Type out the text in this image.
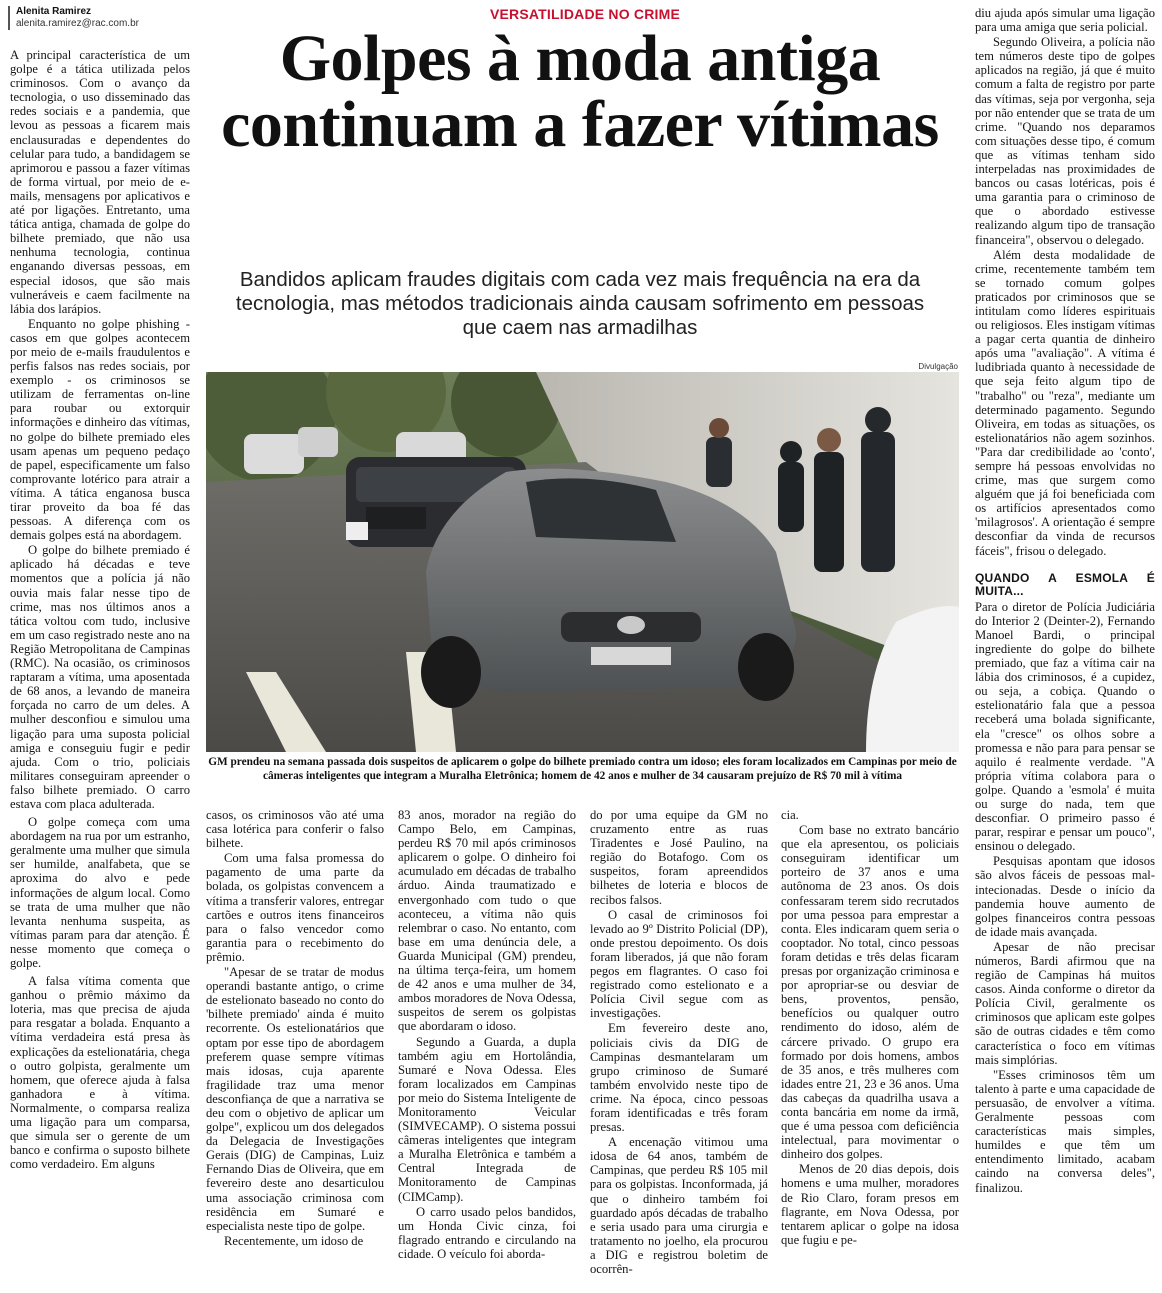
Alenita Ramirez
alenita.ramirez@rac.com.br
VERSATILIDADE NO CRIME
Golpes à moda antiga continuam a fazer vítimas
Bandidos aplicam fraudes digitais com cada vez mais frequência na era da tecnologia, mas métodos tradicionais ainda causam sofrimento em pessoas que caem nas armadilhas
Divulgação
GM prendeu na semana passada dois suspeitos de aplicarem o golpe do bilhete premiado contra um idoso; eles foram localizados em Campinas por meio de câmeras inteligentes que integram a Muralha Eletrônica; homem de 42 anos e mulher de 34 causaram prejuízo de R$ 70 mil à vítima

A principal característica de um golpe é a tática utilizada pelos criminosos. Com o avanço da tecnologia, o uso disseminado das redes sociais e a pandemia, que levou as pessoas a ficarem mais enclausuradas e dependentes do celular para tudo, a bandidagem se aprimorou e passou a fazer vítimas de forma virtual, por meio de e-mails, mensagens por aplicativos e até por ligações. Entretanto, uma tática antiga, chamada de golpe do bilhete premiado, que não usa nenhuma tecnologia, continua enganando diversas pessoas, em especial idosos, que são mais vulneráveis e caem facilmente na lábia dos larápios.

Enquanto no golpe phishing - casos em que golpes acontecem por meio de e-mails fraudulentos e perfis falsos nas redes sociais, por exemplo - os criminosos se utilizam de ferramentas on-line para roubar ou extorquir informações e dinheiro das vítimas, no golpe do bilhete premiado eles usam apenas um pequeno pedaço de papel, especificamente um falso comprovante lotérico para atrair a vítima. A tática enganosa busca tirar proveito da boa fé das pessoas. A diferença com os demais golpes está na abordagem.

O golpe do bilhete premiado é aplicado há décadas e teve momentos que a polícia já não ouvia mais falar nesse tipo de crime, mas nos últimos anos a tática voltou com tudo, inclusive em um caso registrado neste ano na Região Metropolitana de Campinas (RMC). Na ocasião, os criminosos raptaram a vítima, uma aposentada de 68 anos, a levando de maneira forçada no carro de um deles. A mulher desconfiou e simulou uma ligação para uma suposta policial amiga e conseguiu fugir e pedir ajuda. Com o trio, policiais militares conseguiram apreender o falso bilhete premiado. O carro estava com placa adulterada.

O golpe começa com uma abordagem na rua por um estranho, geralmente uma mulher que simula ser humilde, analfabeta, que se aproxima do alvo e pede informações de algum local. Como se trata de uma mulher que não levanta nenhuma suspeita, as vítimas param para dar atenção. É nesse momento que começa o golpe.

A falsa vítima comenta que ganhou o prêmio máximo da loteria, mas que precisa de ajuda para resgatar a bolada. Enquanto a vítima verdadeira está presa às explicações da estelionatária, chega o outro golpista, geralmente um homem, que oferece ajuda à falsa ganhadora e à vítima. Normalmente, o comparsa realiza uma ligação para um comparsa, que simula ser o gerente de um banco e confirma o suposto bilhete como verdadeiro. Em alguns

casos, os criminosos vão até uma casa lotérica para conferir o falso bilhete.

Com uma falsa promessa do pagamento de uma parte da bolada, os golpistas convencem a vítima a transferir valores, entregar cartões e outros itens financeiros para o falso vencedor como garantia para o recebimento do prêmio.

"Apesar de se tratar de modus operandi bastante antigo, o crime de estelionato baseado no conto do 'bilhete premiado' ainda é muito recorrente. Os estelionatários que optam por esse tipo de abordagem preferem quase sempre vítimas mais idosas, cuja aparente fragilidade traz uma menor desconfiança de que a narrativa se deu com o objetivo de aplicar um golpe", explicou um dos delegados da Delegacia de Investigações Gerais (DIG) de Campinas, Luiz Fernando Dias de Oliveira, que em fevereiro deste ano desarticulou uma associação criminosa com residência em Sumaré e especialista neste tipo de golpe.

Recentemente, um idoso de

83 anos, morador na região do Campo Belo, em Campinas, perdeu R$ 70 mil após criminosos aplicarem o golpe. O dinheiro foi acumulado em décadas de trabalho árduo. Ainda traumatizado e envergonhado com tudo o que aconteceu, a vítima não quis relembrar o caso. No entanto, com base em uma denúncia dele, a Guarda Municipal (GM) prendeu, na última terça-feira, um homem de 42 anos e uma mulher de 34, ambos moradores de Nova Odessa, suspeitos de serem os golpistas que abordaram o idoso.

Segundo a Guarda, a dupla também agiu em Hortolândia, Sumaré e Nova Odessa. Eles foram localizados em Campinas por meio do Sistema Inteligente de Monitoramento Veicular (SIMVECAMP). O sistema possui câmeras inteligentes que integram a Muralha Eletrônica e também a Central Integrada de Monitoramento de Campinas (CIMCamp).

O carro usado pelos bandidos, um Honda Civic cinza, foi flagrado entrando e circulando na cidade. O veículo foi aborda-

do por uma equipe da GM no cruzamento entre as ruas Tiradentes e José Paulino, na região do Botafogo. Com os suspeitos, foram apreendidos bilhetes de loteria e blocos de recibos falsos.

O casal de criminosos foi levado ao 9º Distrito Policial (DP), onde prestou depoimento. Os dois foram liberados, já que não foram pegos em flagrantes. O caso foi registrado como estelionato e a Polícia Civil segue com as investigações.

Em fevereiro deste ano, policiais civis da DIG de Campinas desmantelaram um grupo criminoso de Sumaré também envolvido neste tipo de crime. Na época, cinco pessoas foram identificadas e três foram presas.

A encenação vitimou uma idosa de 64 anos, também de Campinas, que perdeu R$ 105 mil para os golpistas. Inconformada, já que o dinheiro também foi guardado após décadas de trabalho e seria usado para uma cirurgia e tratamento no joelho, ela procurou a DIG e registrou boletim de ocorrên-

cia.

Com base no extrato bancário que ela apresentou, os policiais conseguiram identificar um porteiro de 37 anos e uma autônoma de 23 anos. Os dois confessaram terem sido recrutados por uma pessoa para emprestar a conta. Eles indicaram quem seria o cooptador. No total, cinco pessoas foram detidas e três delas ficaram presas por organização criminosa e por apropriar-se ou desviar de bens, proventos, pensão, benefícios ou qualquer outro rendimento do idoso, além de cárcere privado. O grupo era formado por dois homens, ambos de 35 anos, e três mulheres com idades entre 21, 23 e 36 anos. Uma das cabeças da quadrilha usava a conta bancária em nome da irmã, que é uma pessoa com deficiência intelectual, para movimentar o dinheiro dos golpes.

Menos de 20 dias depois, dois homens e uma mulher, moradores de Rio Claro, foram presos em flagrante, em Nova Odessa, por tentarem aplicar o golpe na idosa que fugiu e pe-

diu ajuda após simular uma ligação para uma amiga que seria policial.

Segundo Oliveira, a polícia não tem números deste tipo de golpes aplicados na região, já que é muito comum a falta de registro por parte das vítimas, seja por vergonha, seja por não entender que se trata de um crime. "Quando nos deparamos com situações desse tipo, é comum que as vítimas tenham sido interpeladas nas proximidades de bancos ou casas lotéricas, pois é uma garantia para o criminoso de que o abordado estivesse realizando algum tipo de transação financeira", observou o delegado.

Além desta modalidade de crime, recentemente também tem se tornado comum golpes praticados por criminosos que se intitulam como líderes espirituais ou religiosos. Eles instigam vítimas a pagar certa quantia de dinheiro após uma "avaliação". A vítima é ludibriada quanto à necessidade de que seja feito algum tipo de "trabalho" ou "reza", mediante um determinado pagamento. Segundo Oliveira, em todas as situações, os estelionatários não agem sozinhos. "Para dar credibilidade ao 'conto', sempre há pessoas envolvidas no crime, mas que surgem como alguém que já foi beneficiada com os artifícios apresentados como 'milagrosos'. A orientação é sempre desconfiar da vinda de recursos fáceis", frisou o delegado.

QUANDO A ESMOLA É MUITA...

Para o diretor de Polícia Judiciária do Interior 2 (Deinter-2), Fernando Manoel Bardi, o principal ingrediente do golpe do bilhete premiado, que faz a vítima cair na lábia dos criminosos, é a cupidez, ou seja, a cobiça. Quando o estelionatário fala que a pessoa receberá uma bolada significante, ela "cresce" os olhos sobre a promessa e não para para pensar se aquilo é realmente verdade. "A própria vítima colabora para o golpe. Quando a 'esmola' é muita ou surge do nada, tem que desconfiar. O primeiro passo é parar, respirar e pensar um pouco", ensinou o delegado.

Pesquisas apontam que idosos são alvos fáceis de pessoas mal-intecionadas. Desde o início da pandemia houve aumento de golpes financeiros contra pessoas de idade mais avançada.

Apesar de não precisar números, Bardi afirmou que na região de Campinas há muitos casos. Ainda conforme o diretor da Polícia Civil, geralmente os criminosos que aplicam este golpes são de outras cidades e têm como característica o foco em vítimas mais simplórias.

"Esses criminosos têm um talento à parte e uma capacidade de persuasão, de envolver a vítima. Geralmente pessoas com características mais simples, humildes e que têm um entendimento limitado, acabam caindo na conversa deles", finalizou.
